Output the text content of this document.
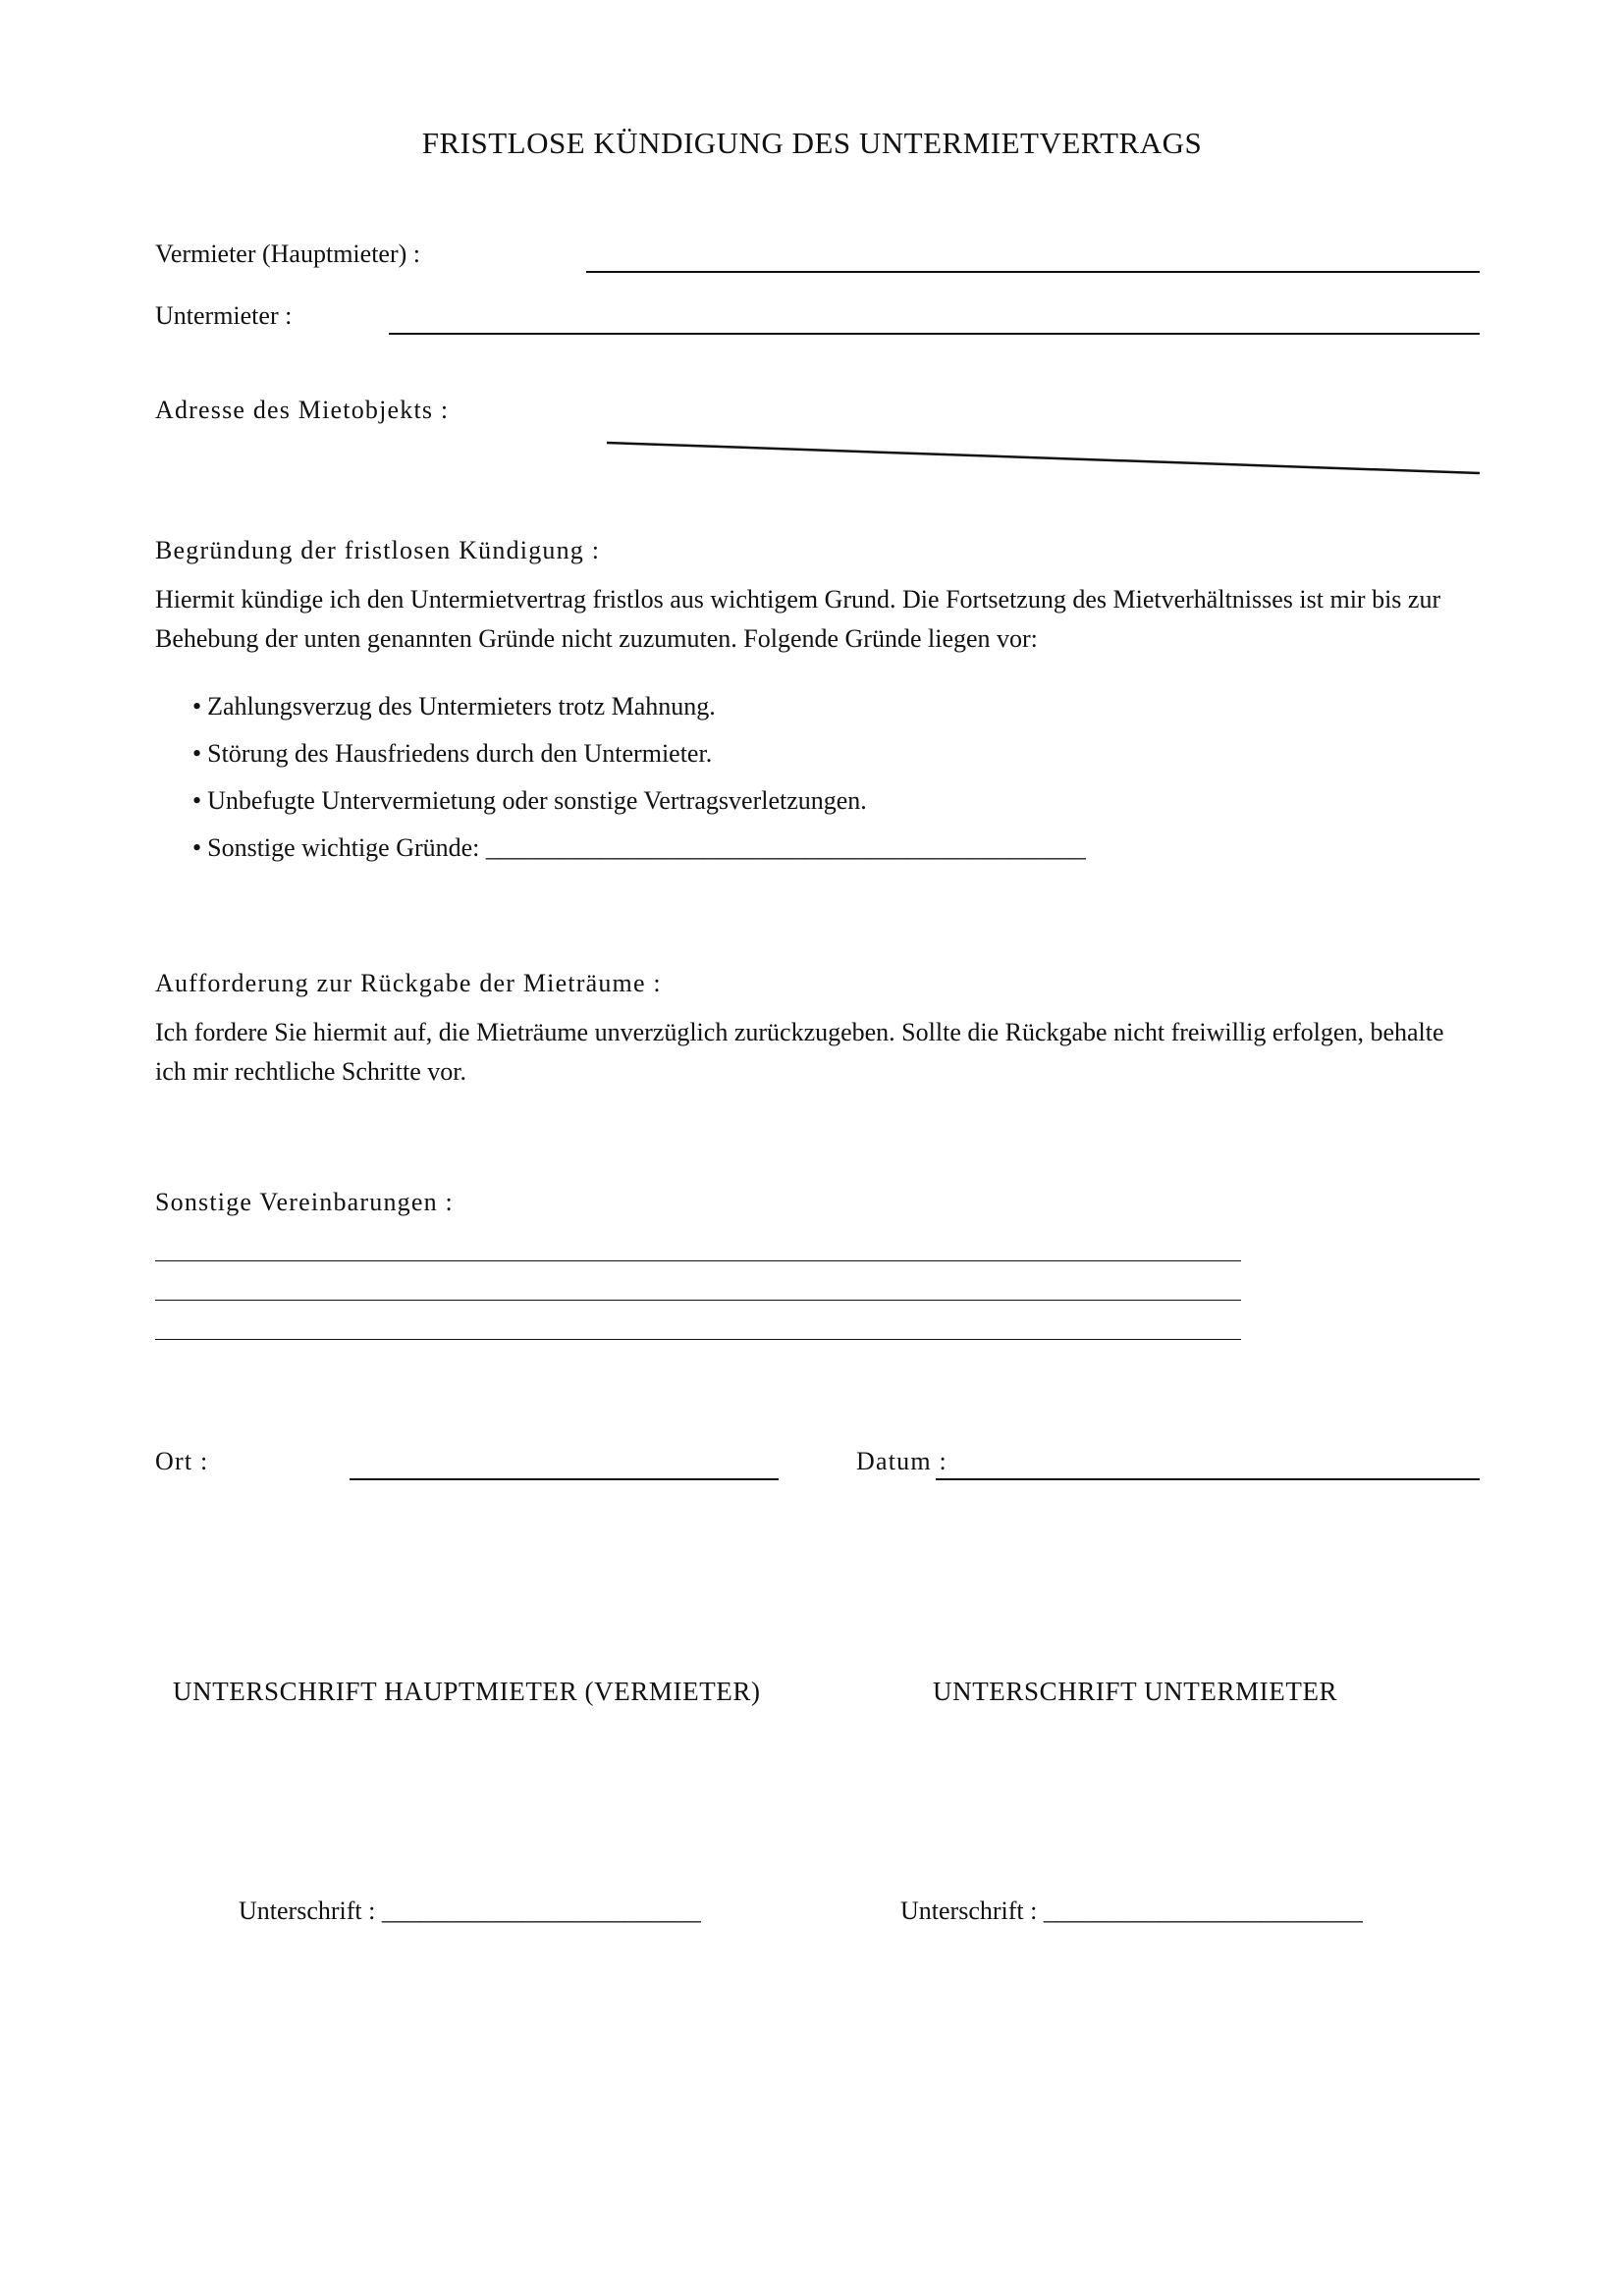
FRISTLOSE KÜNDIGUNG DES UNTERMIETVERTRAGS
Vermieter (Hauptmieter) :
Untermieter :
Adresse des Mietobjekts :
Begründung der fristlosen Kündigung :
Hiermit kündige ich den Untermietvertrag fristlos aus wichtigem Grund. Die Fortsetzung des Mietverhältnisses ist mir bis zur Behebung der unten genannten Gründe nicht zuzumuten. Folgende Gründe liegen vor:
• Zahlungsverzug des Untermieters trotz Mahnung.
• Störung des Hausfriedens durch den Untermieter.
• Unbefugte Untervermietung oder sonstige Vertragsverletzungen.
• Sonstige wichtige Gründe: _______________________________________________
Aufforderung zur Rückgabe der Mieträume :
Ich fordere Sie hiermit auf, die Mieträume unverzüglich zurückzugeben. Sollte die Rückgabe nicht freiwillig erfolgen, behalte ich mir rechtliche Schritte vor.
Sonstige Vereinbarungen :
Ort :	Datum :
UNTERSCHRIFT HAUPTMIETER (VERMIETER)	UNTERSCHRIFT UNTERMIETER
Unterschrift : _________________________	Unterschrift : _________________________
